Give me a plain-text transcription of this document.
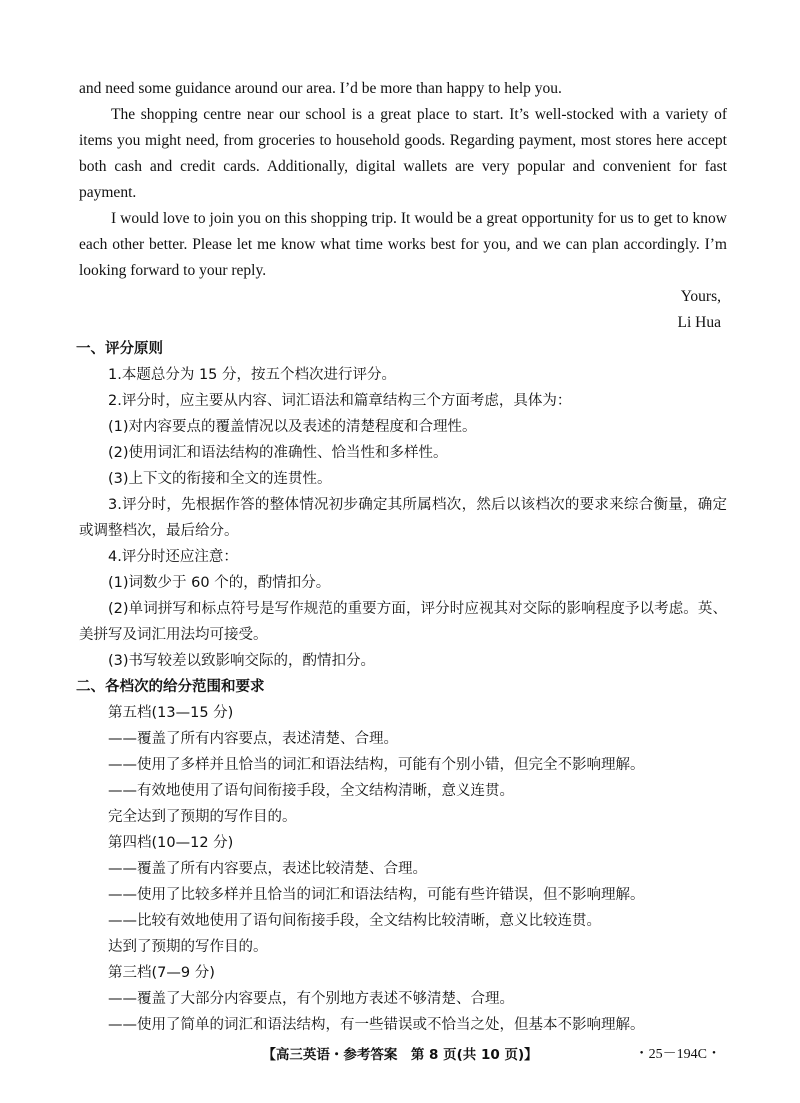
and need some guidance around our area. I’d be more than happy to help you.

The shopping centre near our school is a great place to start. It’s well-stocked with a variety of items you might need, from groceries to household goods. Regarding payment, most stores here accept both cash and credit cards. Additionally, digital wallets are very popular and convenient for fast payment.

I would love to join you on this shopping trip. It would be a great opportunity for us to get to know each other better. Please let me know what time works best for you, and we can plan accordingly. I’m looking forward to your reply.

Yours,
Li Hua
一、评分原则
1.本题总分为 15 分，按五个档次进行评分。
2.评分时，应主要从内容、词汇语法和篇章结构三个方面考虑，具体为：
(1)对内容要点的覆盖情况以及表述的清楚程度和合理性。
(2)使用词汇和语法结构的准确性、恰当性和多样性。
(3)上下文的衔接和全文的连贯性。
3.评分时，先根据作答的整体情况初步确定其所属档次，然后以该档次的要求来综合衡量，确定或调整档次，最后给分。
4.评分时还应注意：
(1)词数少于 60 个的，酌情扣分。
(2)单词拼写和标点符号是写作规范的重要方面，评分时应视其对交际的影响程度予以考虑。英、美拼写及词汇用法均可接受。
(3)书写较差以致影响交际的，酌情扣分。
二、各档次的给分范围和要求
第五档(13—15 分)
——覆盖了所有内容要点，表述清楚、合理。
——使用了多样并且恰当的词汇和语法结构，可能有个别小错，但完全不影响理解。
——有效地使用了语句间衔接手段，全文结构清晰，意义连贯。
完全达到了预期的写作目的。
第四档(10—12 分)
——覆盖了所有内容要点，表述比较清楚、合理。
——使用了比较多样并且恰当的词汇和语法结构，可能有些许错误，但不影响理解。
——比较有效地使用了语句间衔接手段，全文结构比较清晰，意义比较连贯。
达到了预期的写作目的。
第三档(7—9 分)
——覆盖了大部分内容要点，有个别地方表述不够清楚、合理。
——使用了简单的词汇和语法结构，有一些错误或不恰当之处，但基本不影响理解。
【高三英语・参考答案　第 8 页(共 10 页)】	・25－194C・
